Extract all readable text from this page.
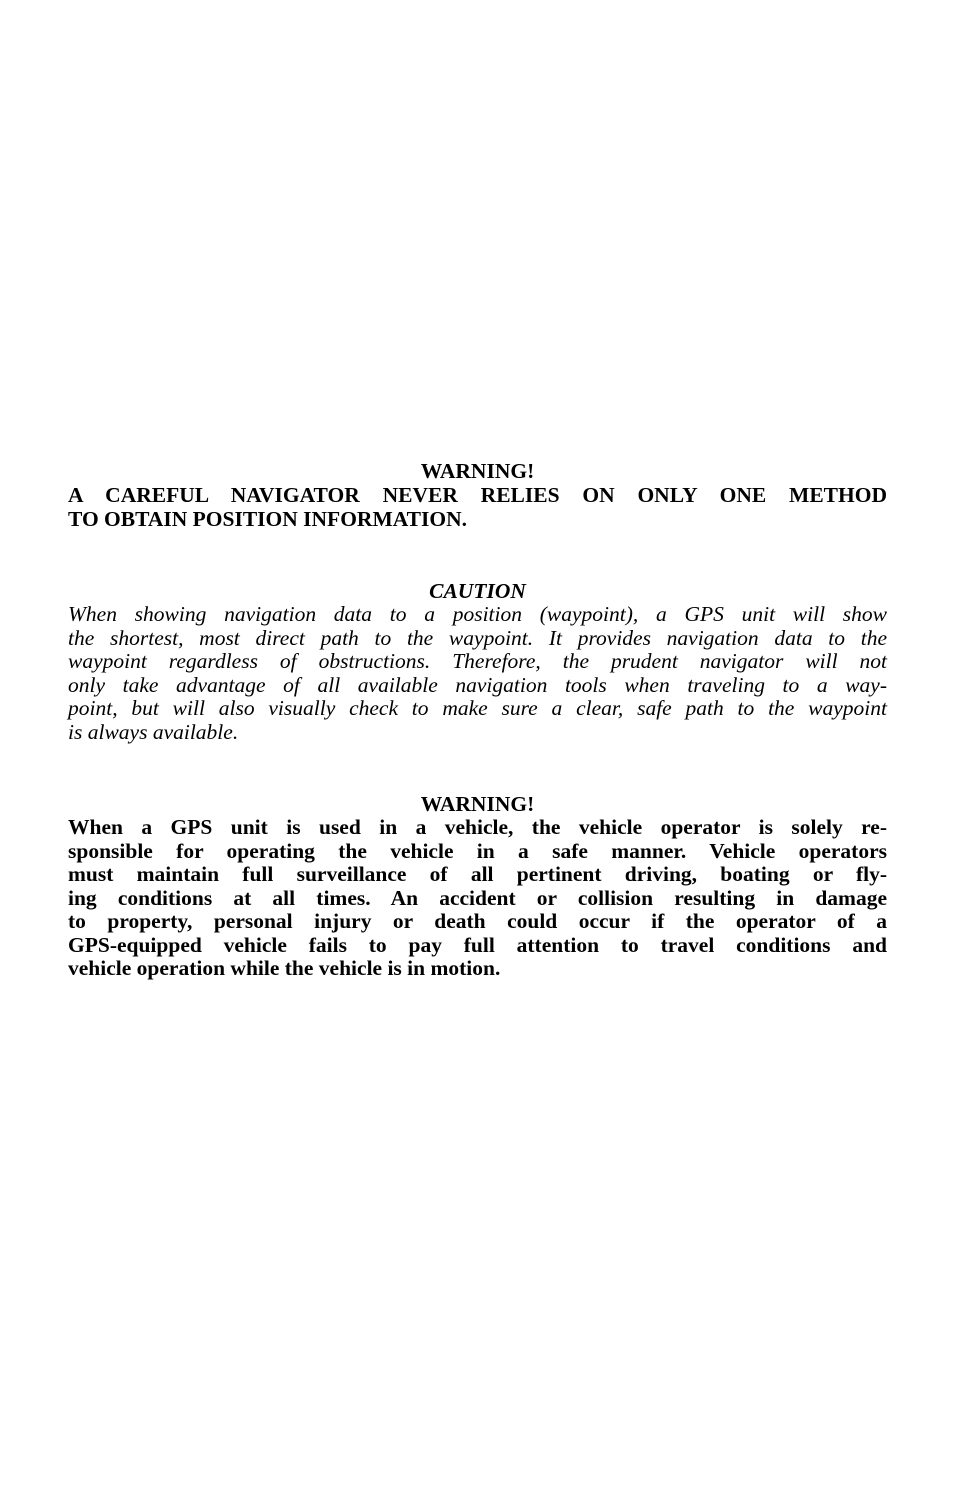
WARNING!

A CAREFUL NAVIGATOR NEVER RELIES ON ONLY ONE METHOD
TO OBTAIN POSITION INFORMATION.

CAUTION

When showing navigation data to a position (waypoint), a GPS unit will show
the shortest, most direct path to the waypoint. It provides navigation data to the
waypoint regardless of obstructions. Therefore, the prudent navigator will not
only take advantage of all available navigation tools when traveling to a way-
point, but will also visually check to make sure a clear, safe path to the waypoint
is always available.

WARNING!

When a GPS unit is used in a vehicle, the vehicle operator is solely re-
sponsible for operating the vehicle in a safe manner. Vehicle operators
must maintain full surveillance of all pertinent driving, boating or fly-
ing conditions at all times. An accident or collision resulting in damage
to property, personal injury or death could occur if the operator of a
GPS-equipped vehicle fails to pay full attention to travel conditions and
vehicle operation while the vehicle is in motion.
